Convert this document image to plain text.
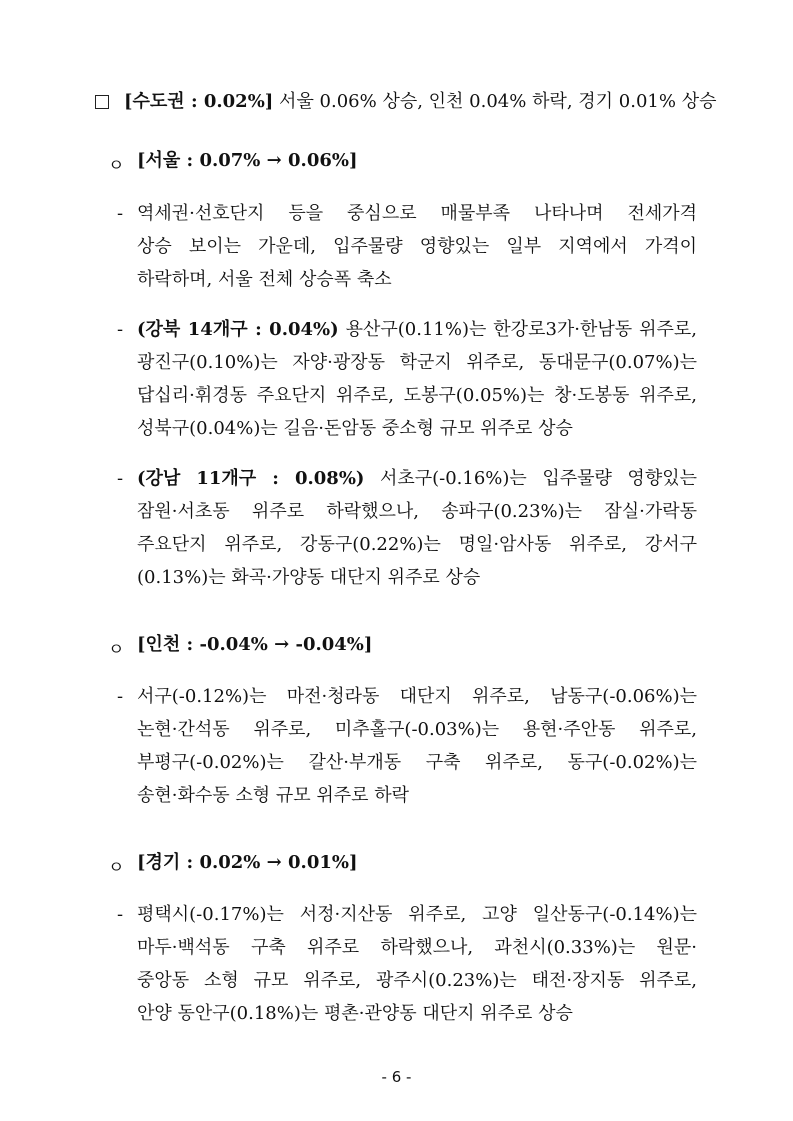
[수도권 : 0.02%] 서울 0.06% 상승, 인천 0.04% 하락, 경기 0.01% 상승
ㅇ [서울 : 0.07% → 0.06%]
- 역세권·선호단지 등을 중심으로 매물부족 나타나며 전세가격
상승 보이는 가운데, 입주물량 영향있는 일부 지역에서 가격이
하락하며, 서울 전체 상승폭 축소
- (강북 14개구 : 0.04%) 용산구(0.11%)는 한강로3가·한남동 위주로,
광진구(0.10%)는 자양·광장동 학군지 위주로, 동대문구(0.07%)는
답십리·휘경동 주요단지 위주로, 도봉구(0.05%)는 창·도봉동 위주로,
성북구(0.04%)는 길음·돈암동 중소형 규모 위주로 상승
- (강남 11개구 : 0.08%) 서초구(-0.16%)는 입주물량 영향있는
잠원·서초동 위주로 하락했으나, 송파구(0.23%)는 잠실·가락동
주요단지 위주로, 강동구(0.22%)는 명일·암사동 위주로, 강서구
(0.13%)는 화곡·가양동 대단지 위주로 상승
ㅇ [인천 : -0.04% → -0.04%]
- 서구(-0.12%)는 마전·청라동 대단지 위주로, 남동구(-0.06%)는
논현·간석동 위주로, 미추홀구(-0.03%)는 용현·주안동 위주로,
부평구(-0.02%)는 갈산·부개동 구축 위주로, 동구(-0.02%)는
송현·화수동 소형 규모 위주로 하락
ㅇ [경기 : 0.02% → 0.01%]
- 평택시(-0.17%)는 서정·지산동 위주로, 고양 일산동구(-0.14%)는
마두·백석동 구축 위주로 하락했으나, 과천시(0.33%)는 원문·
중앙동 소형 규모 위주로, 광주시(0.23%)는 태전·장지동 위주로,
안양 동안구(0.18%)는 평촌·관양동 대단지 위주로 상승
- 6 -
